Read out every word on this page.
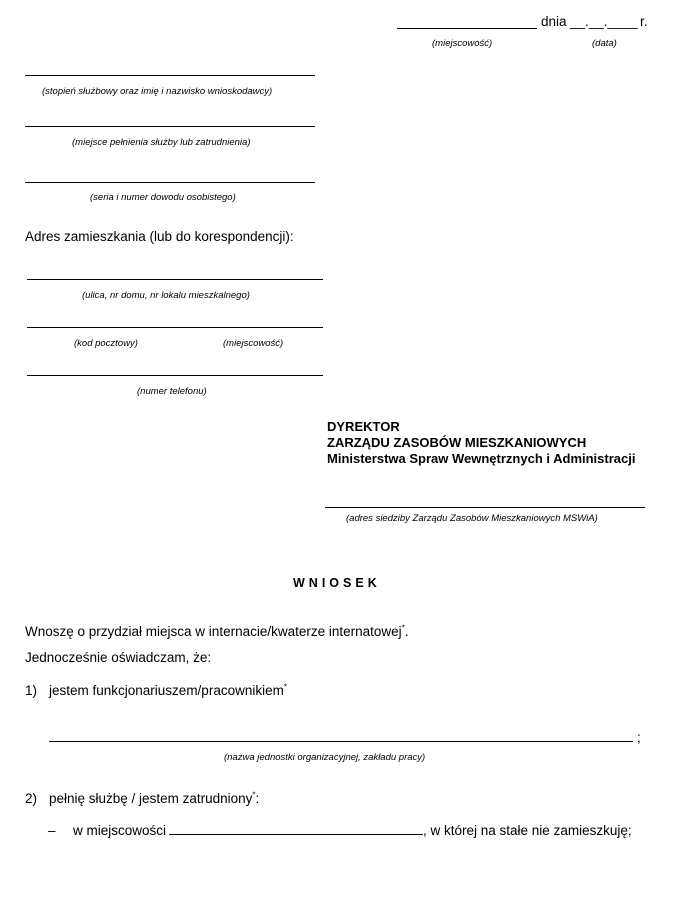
dnia __.__.____ r.
(miejscowość)	(data)
(stopień służbowy oraz imię i nazwisko wnioskodawcy)
(miejsce pełnienia służby lub zatrudnienia)
(seria i numer dowodu osobistego)
Adres zamieszkania (lub do korespondencji):
(ulica, nr domu, nr lokalu mieszkalnego)
(kod pocztowy)	(miejscowość)
(numer telefonu)
DYREKTOR
ZARZĄDU ZASOBÓW MIESZKANIOWYCH
Ministerstwa Spraw Wewnętrznych i Administracji
(adres siedziby Zarządu Zasobów Mieszkaniowych MSWiA)
WNIOSEK
Wnoszę o przydział miejsca w internacie/kwaterze internatowej*.
Jednocześnie oświadczam, że:
1) jestem funkcjonariuszem/pracownikiem*
;
(nazwa jednostki organizacyjnej, zakładu pracy)
2) pełnię służbę / jestem zatrudniony*:
– w miejscowości	, w której na stałe nie zamieszkuję;
